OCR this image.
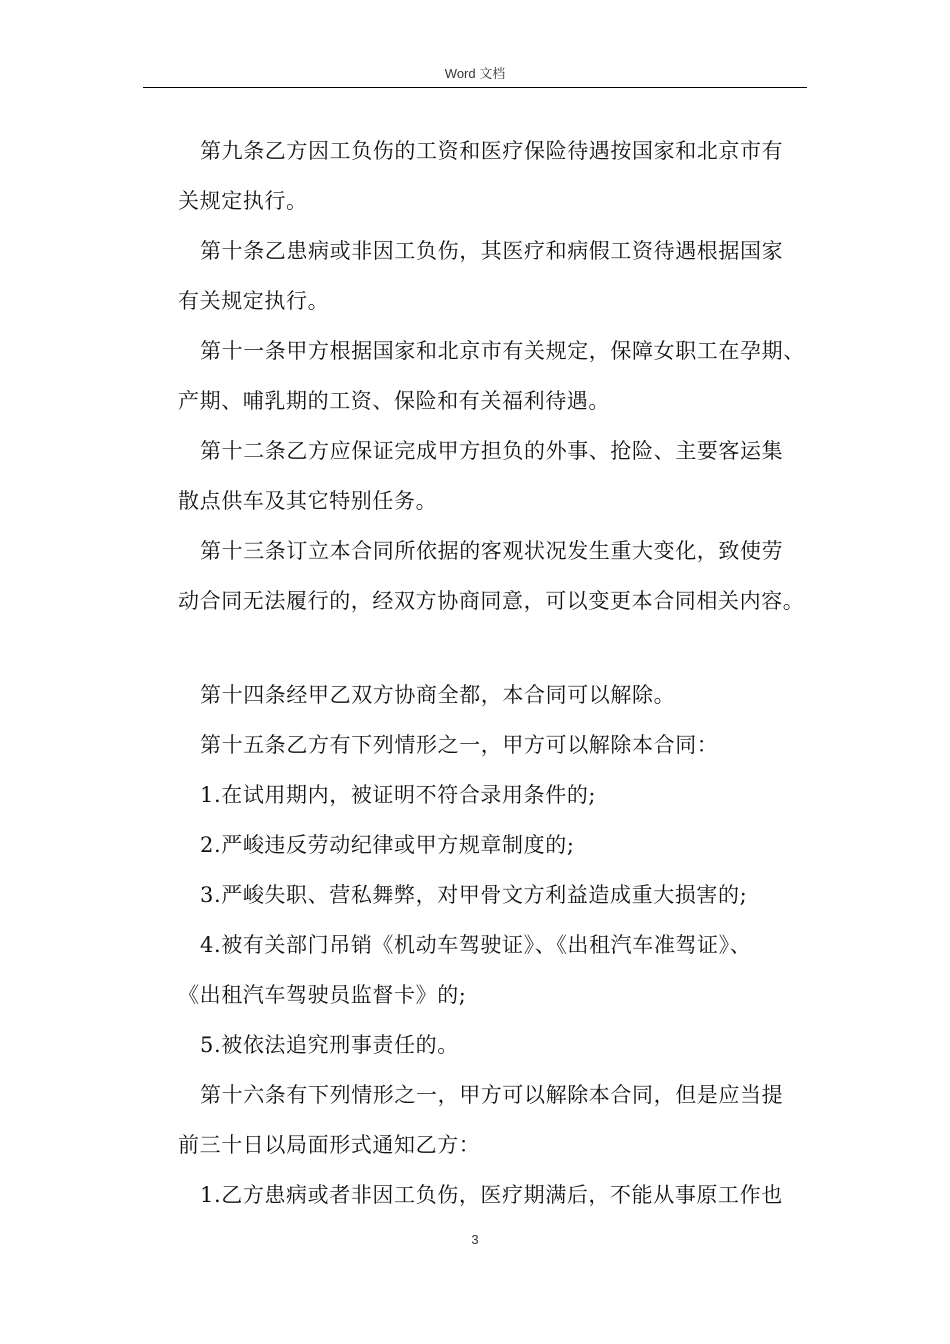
Word 文档
第九条乙方因工负伤的工资和医疗保险待遇按国家和北京市有
关规定执行。
第十条乙患病或非因工负伤，其医疗和病假工资待遇根据国家
有关规定执行。
第十一条甲方根据国家和北京市有关规定，保障女职工在孕期、
产期、哺乳期的工资、保险和有关福利待遇。
第十二条乙方应保证完成甲方担负的外事、抢险、主要客运集
散点供车及其它特别任务。
第十三条订立本合同所依据的客观状况发生重大变化，致使劳
动合同无法履行的，经双方协商同意，可以变更本合同相关内容。
第十四条经甲乙双方协商全都，本合同可以解除。
第十五条乙方有下列情形之一，甲方可以解除本合同：
1.在试用期内，被证明不符合录用条件的;
2.严峻违反劳动纪律或甲方规章制度的;
3.严峻失职、营私舞弊，对甲骨文方利益造成重大损害的;
4.被有关部门吊销《机动车驾驶证》、《出租汽车准驾证》、
《出租汽车驾驶员监督卡》的;
5.被依法追究刑事责任的。
第十六条有下列情形之一，甲方可以解除本合同，但是应当提
前三十日以局面形式通知乙方：
1.乙方患病或者非因工负伤，医疗期满后，不能从事原工作也
3
